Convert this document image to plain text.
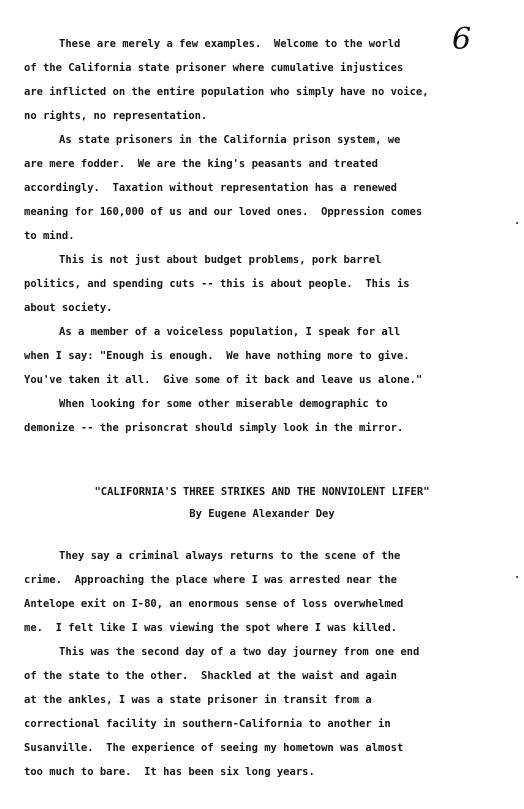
6
These are merely a few examples.  Welcome to the world
of the California state prisoner where cumulative injustices
are inflicted on the entire population who simply have no voice,
no rights, no representation.
As state prisoners in the California prison system, we
are mere fodder.  We are the king's peasants and treated
accordingly.  Taxation without representation has a renewed
meaning for 160,000 of us and our loved ones.  Oppression comes
to mind.
This is not just about budget problems, pork barrel
politics, and spending cuts -- this is about people.  This is
about society.
As a member of a voiceless population, I speak for all
when I say: "Enough is enough.  We have nothing more to give.
You've taken it all.  Give some of it back and leave us alone."
When looking for some other miserable demographic to
demonize -- the prisoncrat should simply look in the mirror.
"CALIFORNIA'S THREE STRIKES AND THE NONVIOLENT LIFER"
By Eugene Alexander Dey
They say a criminal always returns to the scene of the
crime.  Approaching the place where I was arrested near the
Antelope exit on I-80, an enormous sense of loss overwhelmed
me.  I felt like I was viewing the spot where I was killed.
This was the second day of a two day journey from one end
of the state to the other.  Shackled at the waist and again
at the ankles, I was a state prisoner in transit from a
correctional facility in southern-California to another in
Susanville.  The experience of seeing my hometown was almost
too much to bare.  It has been six long years.
